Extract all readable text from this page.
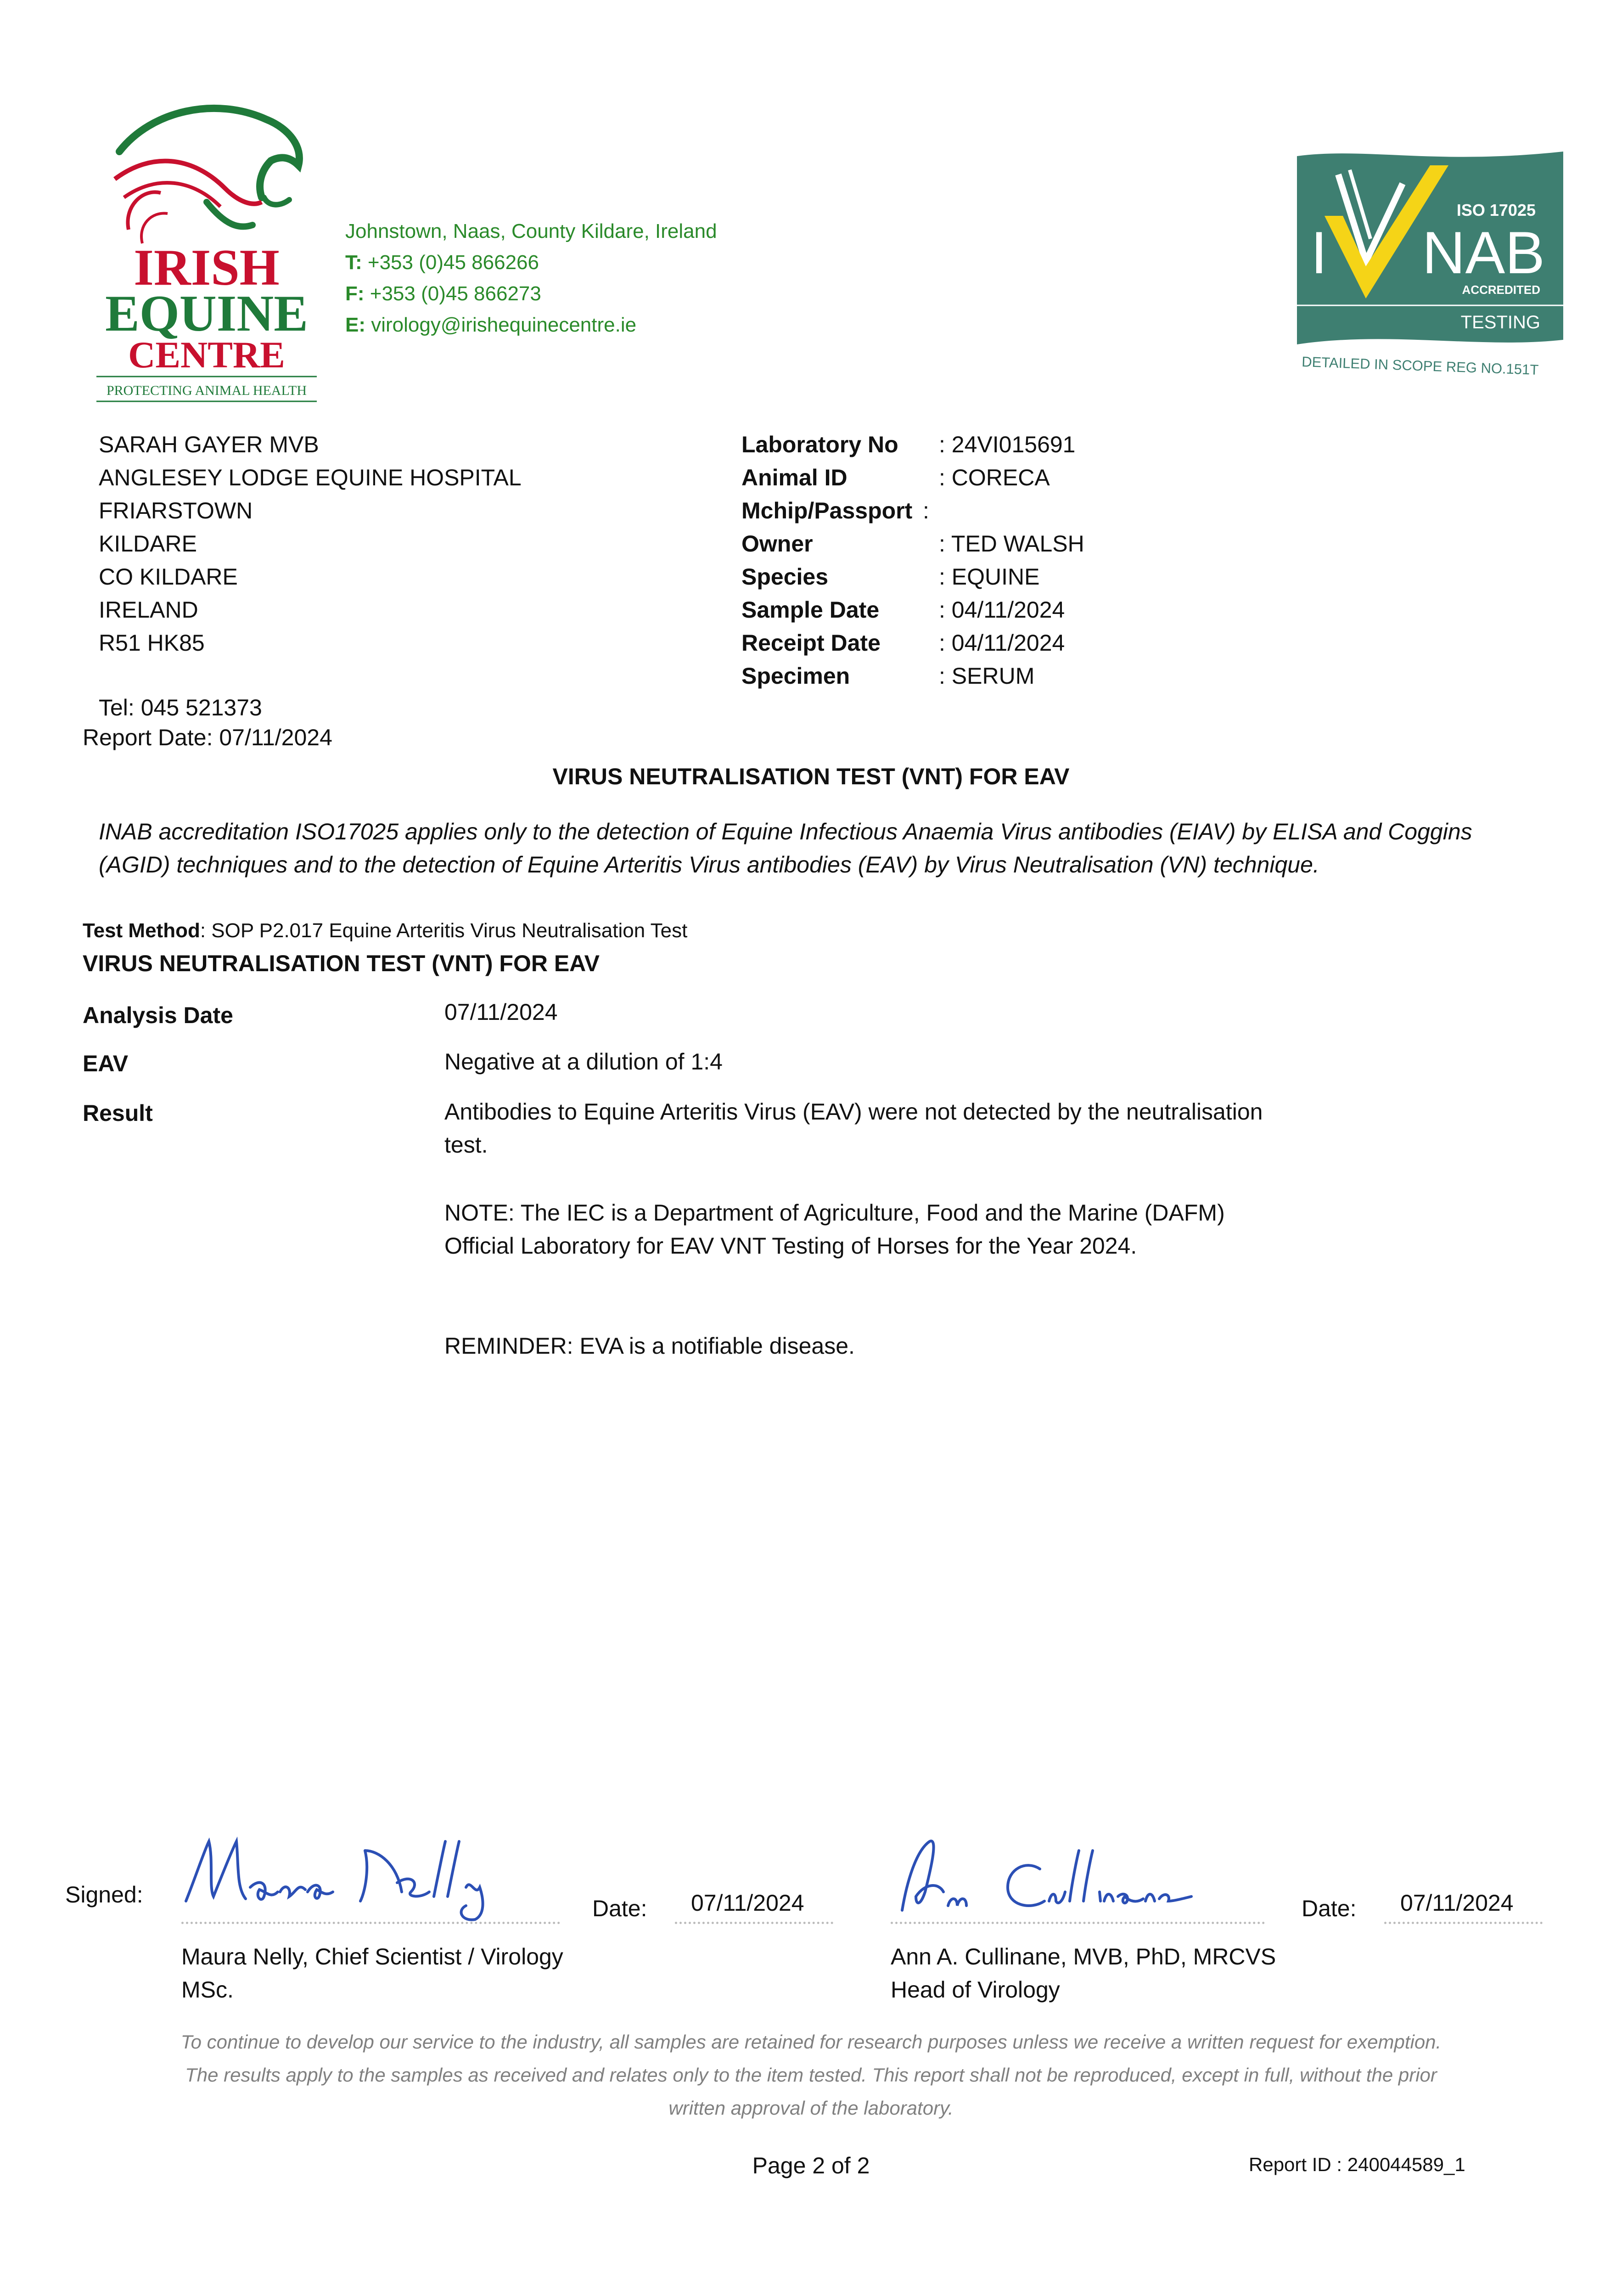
IRISH
EQUINE
CENTRE
PROTECTING ANIMAL HEALTH
Johnstown, Naas, County Kildare, Ireland
T: +353 (0)45 866266
F: +353 (0)45 866273
E: virology@irishequinecentre.ie
ISO 17025
I NAB
ACCREDITED
TESTING
DETAILED IN SCOPE REG NO.151T
SARAH GAYER MVB
ANGLESEY LODGE EQUINE HOSPITAL
FRIARSTOWN
KILDARE
CO KILDARE
IRELAND
R51 HK85
Tel: 045 521373
Report Date: 07/11/2024
Laboratory No : 24VI015691
Animal ID	: CORECA
Mchip/Passport :
Owner	: TED WALSH
Species	: EQUINE
Sample Date	: 04/11/2024
Receipt Date	: 04/11/2024
Specimen	: SERUM
VIRUS NEUTRALISATION TEST (VNT) FOR EAV
INAB accreditation ISO17025 applies only to the detection of Equine Infectious Anaemia Virus antibodies (EIAV) by ELISA and Coggins (AGID) techniques and to the detection of Equine Arteritis Virus antibodies (EAV) by Virus Neutralisation (VN) technique.
Test Method: SOP P2.017 Equine Arteritis Virus Neutralisation Test
VIRUS NEUTRALISATION TEST (VNT) FOR EAV
Analysis Date	07/11/2024
EAV	Negative at a dilution of 1:4
Result	Antibodies to Equine Arteritis Virus (EAV) were not detected by the neutralisation test.
NOTE: The IEC is a Department of Agriculture, Food and the Marine (DAFM) Official Laboratory for EAV VNT Testing of Horses for the Year 2024.
REMINDER: EVA is a notifiable disease.
Signed:
Date: 07/11/2024	Date: 07/11/2024
Maura Nelly, Chief Scientist / Virology
MSc.
Ann A. Cullinane, MVB, PhD, MRCVS
Head of Virology
To continue to develop our service to the industry, all samples are retained for research purposes unless we receive a written request for exemption.
The results apply to the samples as received and relates only to the item tested. This report shall not be reproduced, except in full, without the prior
written approval of the laboratory.
Page 2 of 2	Report ID : 240044589_1
